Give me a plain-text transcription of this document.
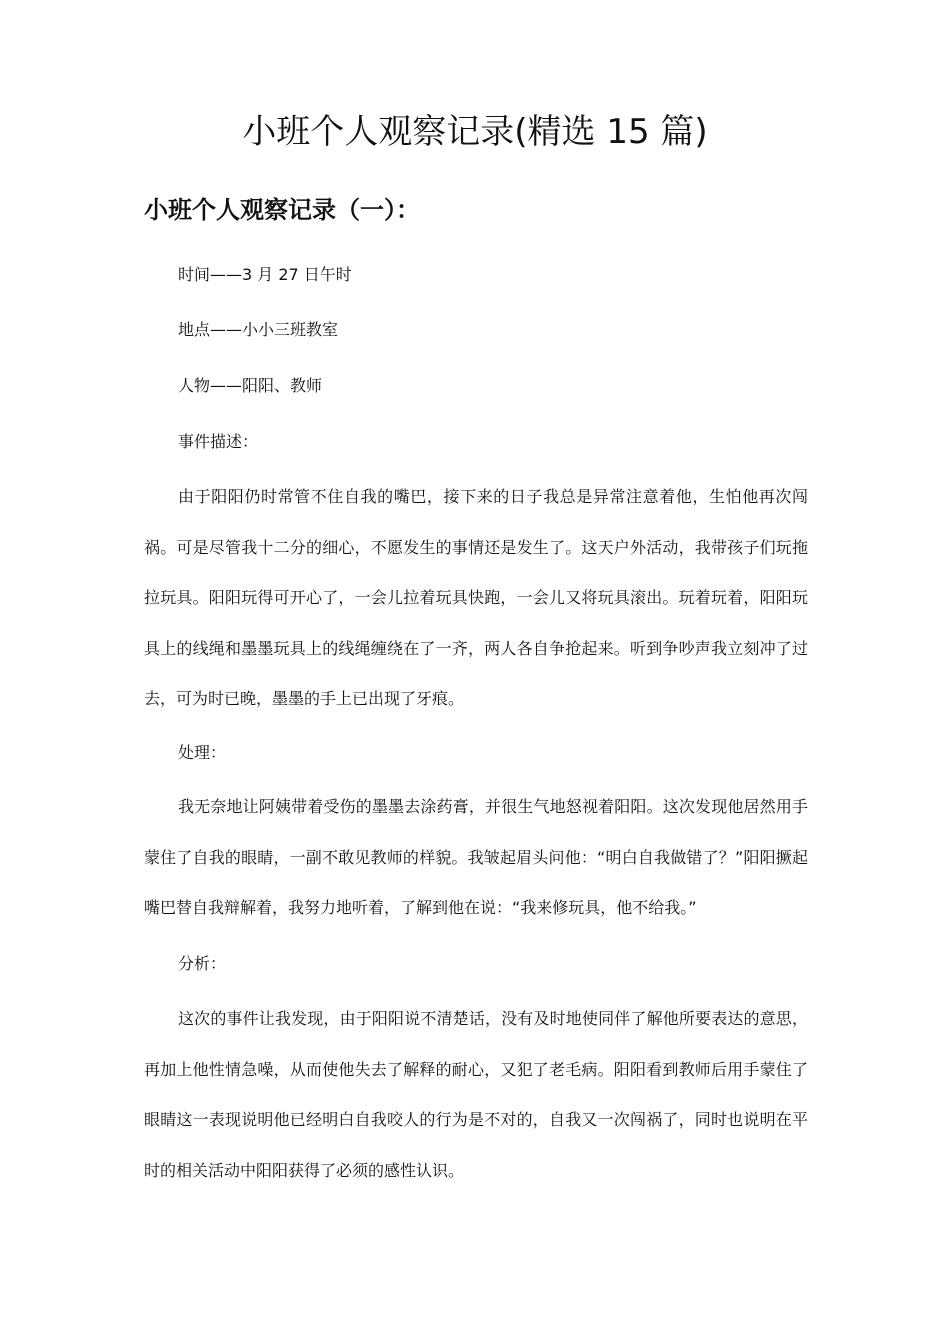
小班个人观察记录(精选 15 篇)
小班个人观察记录（一）：

时间——3 月 27 日午时

地点——小小三班教室

人物——阳阳、教师

事件描述：

由于阳阳仍时常管不住自我的嘴巴，接下来的日子我总是异常注意着他，生怕他再次闯祸。可是尽管我十二分的细心，不愿发生的事情还是发生了。这天户外活动，我带孩子们玩拖拉玩具。阳阳玩得可开心了，一会儿拉着玩具快跑，一会儿又将玩具滚出。玩着玩着，阳阳玩具上的线绳和墨墨玩具上的线绳缠绕在了一齐，两人各自争抢起来。听到争吵声我立刻冲了过去，可为时已晚，墨墨的手上已出现了牙痕。

处理：

我无奈地让阿姨带着受伤的墨墨去涂药膏，并很生气地怒视着阳阳。这次发现他居然用手蒙住了自我的眼睛，一副不敢见教师的样貌。我皱起眉头问他：“明白自我做错了？”阳阳撅起嘴巴替自我辩解着，我努力地听着，了解到他在说：“我来修玩具，他不给我。”

分析：

这次的事件让我发现，由于阳阳说不清楚话，没有及时地使同伴了解他所要表达的意思，再加上他性情急噪，从而使他失去了解释的耐心，又犯了老毛病。阳阳看到教师后用手蒙住了眼睛这一表现说明他已经明白自我咬人的行为是不对的，自我又一次闯祸了，同时也说明在平时的相关活动中阳阳获得了必须的感性认识。
